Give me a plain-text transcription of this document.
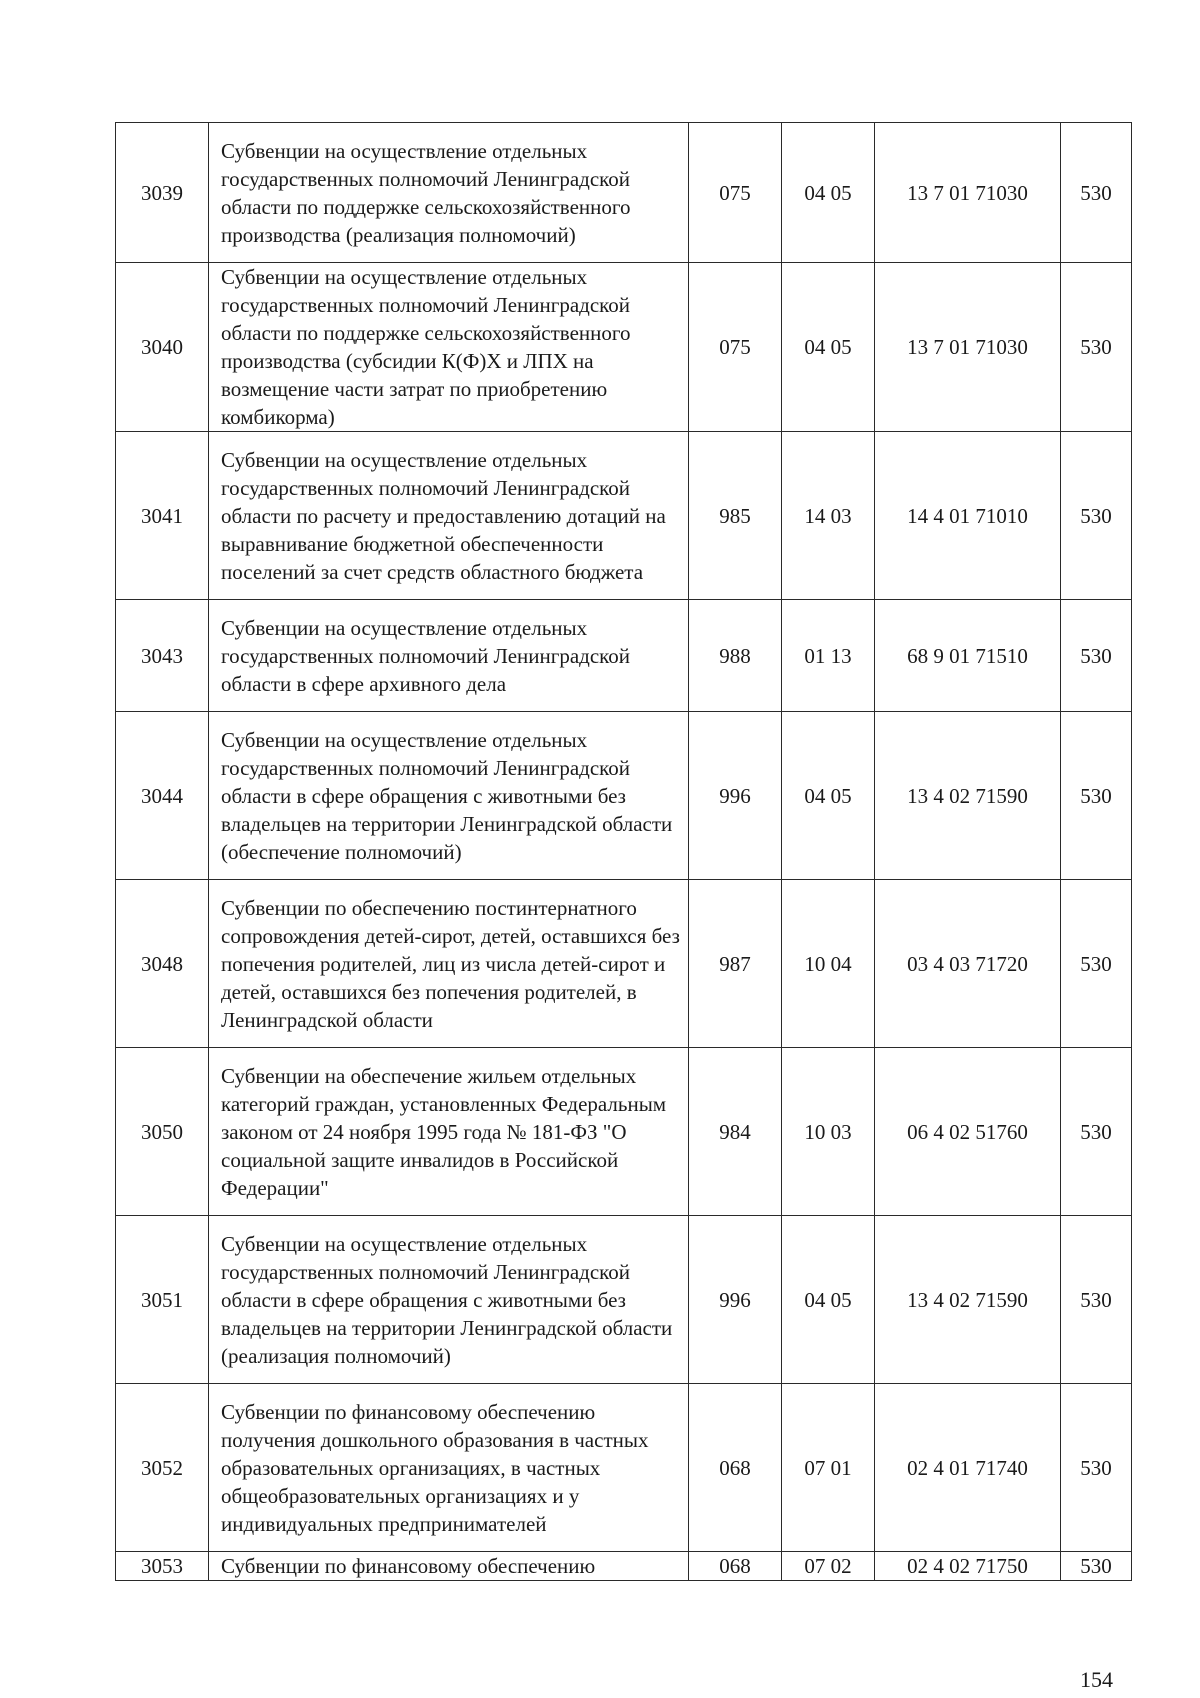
3039	Субвенции на осуществление отдельных государственных полномочий Ленинградской области по поддержке сельскохозяйственного производства (реализация полномочий)	075	04 05	13 7 01 71030	530
3040	Субвенции на осуществление отдельных государственных полномочий Ленинградской области по поддержке сельскохозяйственного производства (субсидии К(Ф)Х и ЛПХ на возмещение части затрат по приобретению комбикорма)	075	04 05	13 7 01 71030	530
3041	Субвенции на осуществление отдельных государственных полномочий Ленинградской области по расчету и предоставлению дотаций на выравнивание бюджетной обеспеченности поселений за счет средств областного бюджета	985	14 03	14 4 01 71010	530
3043	Субвенции на осуществление отдельных государственных полномочий Ленинградской области в сфере архивного дела	988	01 13	68 9 01 71510	530
3044	Субвенции на осуществление отдельных государственных полномочий Ленинградской области в сфере обращения с животными без владельцев на территории Ленинградской области (обеспечение полномочий)	996	04 05	13 4 02 71590	530
3048	Субвенции по обеспечению постинтернатного сопровождения детей-сирот, детей, оставшихся без попечения родителей, лиц из числа детей-сирот и детей, оставшихся без попечения родителей, в Ленинградской области	987	10 04	03 4 03 71720	530
3050	Субвенции на обеспечение жильем отдельных категорий граждан, установленных Федеральным законом от 24 ноября 1995 года № 181-ФЗ "О социальной защите инвалидов в Российской Федерации"	984	10 03	06 4 02 51760	530
3051	Субвенции на осуществление отдельных государственных полномочий Ленинградской области в сфере обращения с животными без владельцев на территории Ленинградской области (реализация полномочий)	996	04 05	13 4 02 71590	530
3052	Субвенции по финансовому обеспечению получения дошкольного образования в частных образовательных организациях, в частных общеобразовательных организациях и у индивидуальных предпринимателей	068	07 01	02 4 01 71740	530
3053	Субвенции по финансовому обеспечению	068	07 02	02 4 02 71750	530
154
